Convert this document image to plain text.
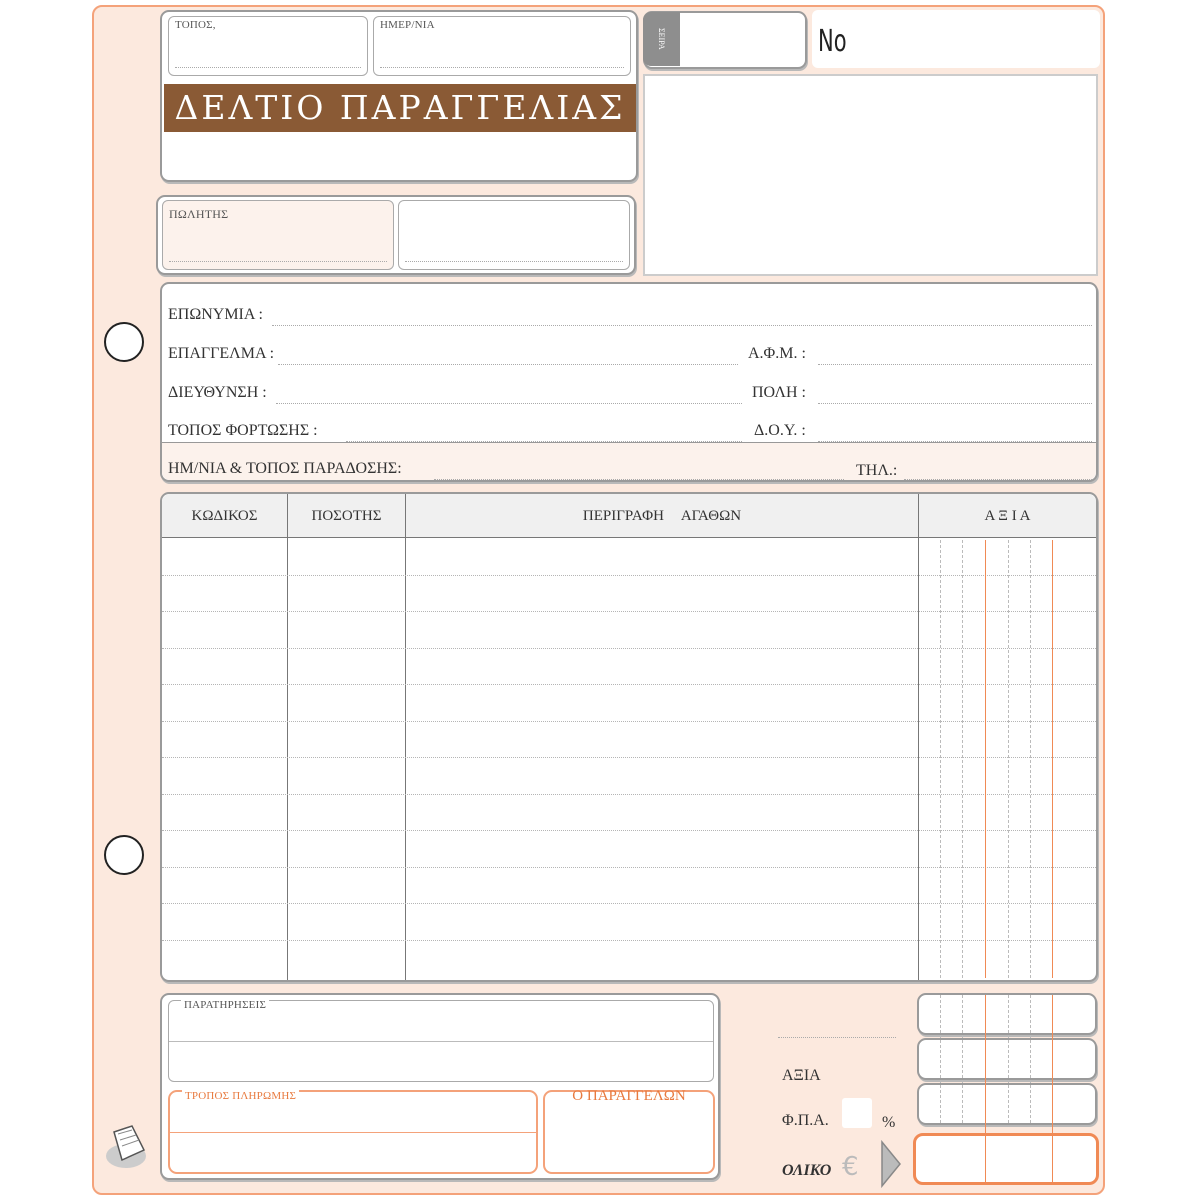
ΤΟΠΟΣ,	ΗΜΕΡ/ΝΙΑ
ΔΕΛΤΙΟ ΠΑΡΑΓΓΕΛΙΑΣ
ΣΕΙΡΑ	No
ΠΩΛΗΤΗΣ
ΕΠΩΝΥΜΙΑ :
ΕΠΑΓΓΕΛΜΑ :	Α.Φ.Μ. :
ΔΙΕΥΘΥΝΣΗ :	ΠΟΛΗ :
ΤΟΠΟΣ ΦΟΡΤΩΣΗΣ :	Δ.Ο.Υ. :
ΗΜ/ΝΙΑ & ΤΟΠΟΣ ΠΑΡΑΔΟΣΗΣ:	ΤΗΛ.:
ΚΩΔΙΚΟΣ	ΠΟΣΟΤΗΣ	ΠΕΡΙΓΡΑΦΗ ΑΓΑΘΩΝ	Α Ξ Ι Α
ΠΑΡΑΤΗΡΗΣΕΙΣ
ΤΡΟΠΟΣ ΠΛΗΡΩΜΗΣ	Ο ΠΑΡΑΓΓΕΛΩΝ
ΑΞΙΑ
Φ.Π.Α.	%
ΟΛΙΚΟ €
